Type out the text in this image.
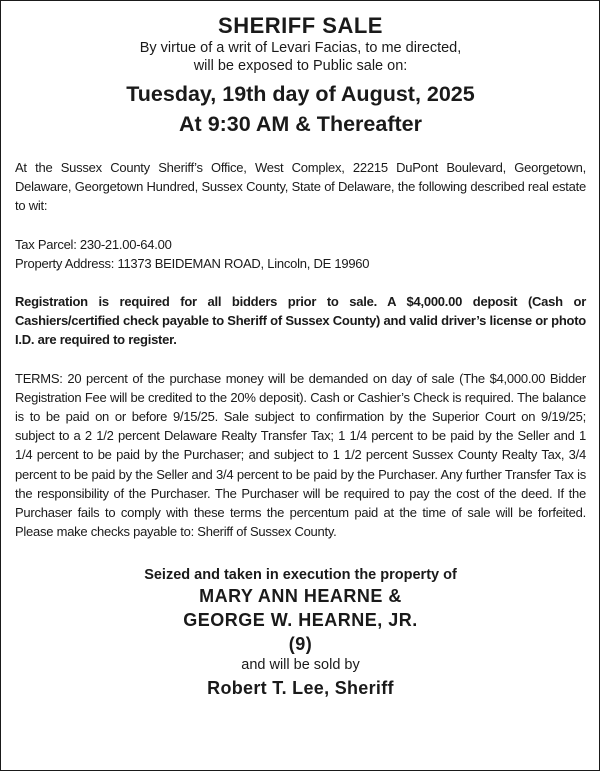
SHERIFF SALE

By virtue of a writ of Levari Facias, to me directed,
will be exposed to Public sale on:

Tuesday, 19th day of August, 2025
At 9:30 AM & Thereafter

At the Sussex County Sheriff’s Office, West Complex, 22215 DuPont Boulevard, Georgetown, Delaware, Georgetown Hundred, Sussex County, State of Delaware, the following described real estate to wit:

Tax Parcel: 230-21.00-64.00
Property Address: 11373 BEIDEMAN ROAD, Lincoln, DE 19960

Registration is required for all bidders prior to sale. A $4,000.00 deposit (Cash or Cashiers/certified check payable to Sheriff of Sussex County) and valid driver’s license or photo I.D. are required to register.

TERMS: 20 percent of the purchase money will be demanded on day of sale (The $4,000.00 Bidder Registration Fee will be credited to the 20% deposit). Cash or Cashier’s Check is required. The balance is to be paid on or before 9/15/25. Sale subject to confirmation by the Superior Court on 9/19/25; subject to a 2 1/2 percent Delaware Realty Transfer Tax; 1 1/4 percent to be paid by the Seller and 1 1/4 percent to be paid by the Purchaser; and subject to 1 1/2 percent Sussex County Realty Tax, 3/4 percent to be paid by the Seller and 3/4 percent to be paid by the Purchaser. Any further Transfer Tax is the responsibility of the Purchaser. The Purchaser will be required to pay the cost of the deed. If the Purchaser fails to comply with these terms the percentum paid at the time of sale will be forfeited. Please make checks payable to: Sheriff of Sussex County.

Seized and taken in execution the property of
MARY ANN HEARNE &
GEORGE W. HEARNE, JR.
(9)
and will be sold by
Robert T. Lee, Sheriff
